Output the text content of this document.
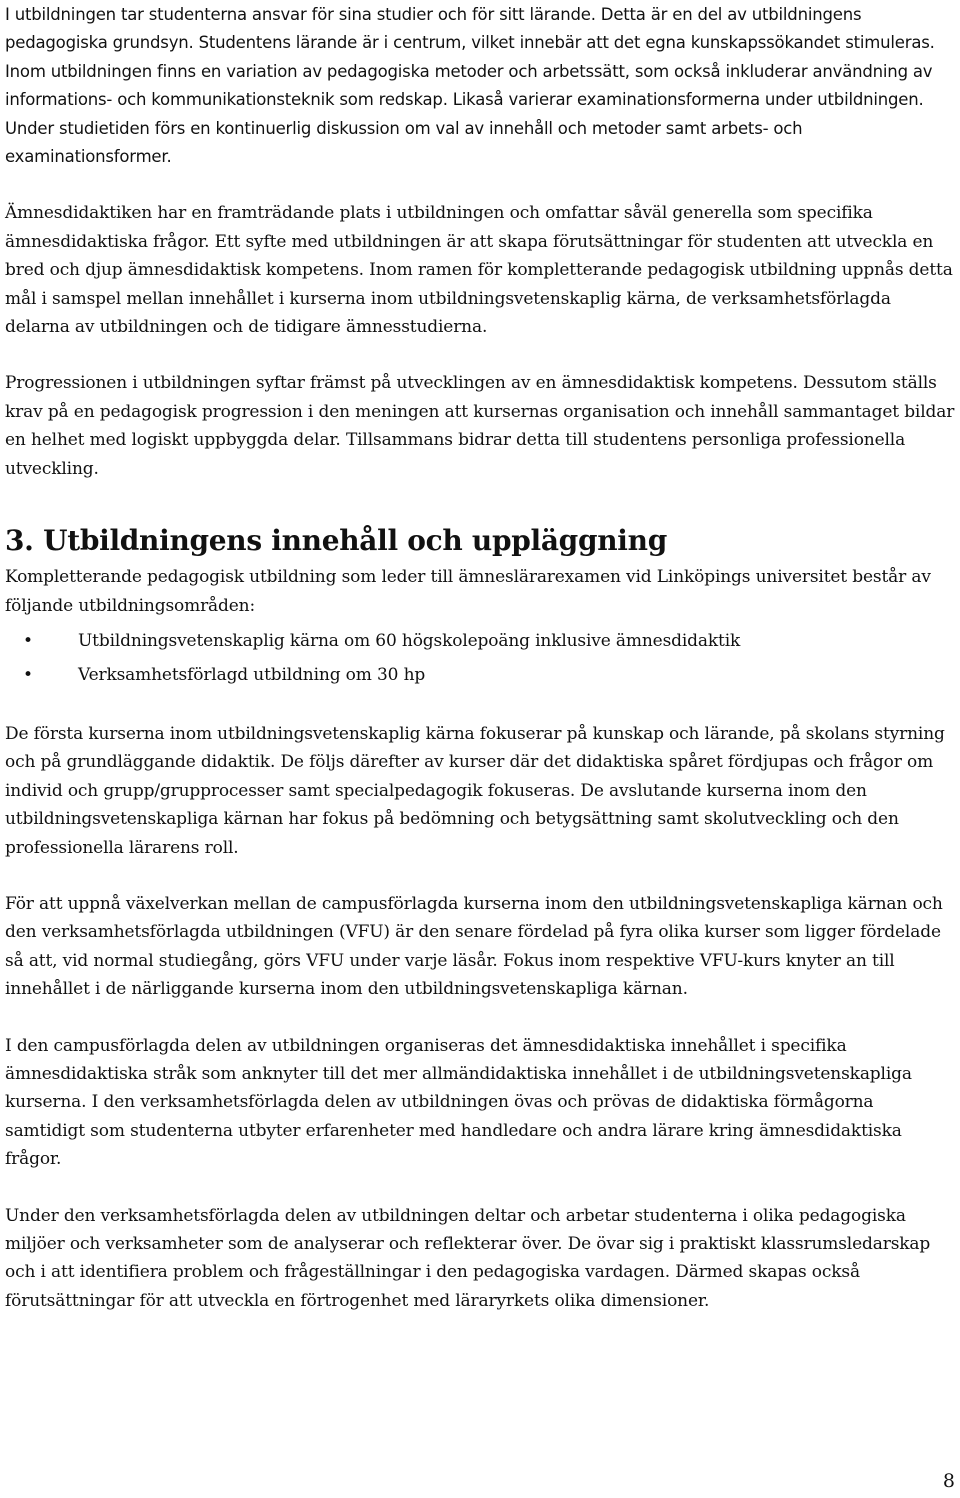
I utbildningen tar studenterna ansvar för sina studier och för sitt lärande. Detta är en del av utbildningens pedagogiska grundsyn. Studentens lärande är i centrum, vilket innebär att det egna kunskapssökandet stimuleras. Inom utbildningen finns en variation av pedagogiska metoder och arbetssätt, som också inkluderar användning av informations- och kommunikationsteknik som redskap. Likaså varierar examinationsformerna under utbildningen. Under studietiden förs en kontinuerlig diskussion om val av innehåll och metoder samt arbets- och examinationsformer.

Ämnesdidaktiken har en framträdande plats i utbildningen och omfattar såväl generella som specifika ämnesdidaktiska frågor. Ett syfte med utbildningen är att skapa förutsättningar för studenten att utveckla en bred och djup ämnesdidaktisk kompetens. Inom ramen för kompletterande pedagogisk utbildning uppnås detta mål i samspel mellan innehållet i kurserna inom utbildningsvetenskaplig kärna, de verksamhetsförlagda delarna av utbildningen och de tidigare ämnesstudierna.

Progressionen i utbildningen syftar främst på utvecklingen av en ämnesdidaktisk kompetens. Dessutom ställs krav på en pedagogisk progression i den meningen att kursernas organisation och innehåll sammantaget bildar en helhet med logiskt uppbyggda delar. Tillsammans bidrar detta till studentens personliga professionella utveckling.

3. Utbildningens innehåll och uppläggning

Kompletterande pedagogisk utbildning som leder till ämneslärarexamen vid Linköpings universitet består av följande utbildningsområden:

•	Utbildningsvetenskaplig kärna om 60 högskolepoäng inklusive ämnesdidaktik
•	Verksamhetsförlagd utbildning om 30 hp

De första kurserna inom utbildningsvetenskaplig kärna fokuserar på kunskap och lärande, på skolans styrning och på grundläggande didaktik. De följs därefter av kurser där det didaktiska spåret fördjupas och frågor om individ och grupp/grupprocesser samt specialpedagogik fokuseras. De avslutande kurserna inom den utbildningsvetenskapliga kärnan har fokus på bedömning och betygsättning samt skolutveckling och den professionella lärarens roll.

För att uppnå växelverkan mellan de campusförlagda kurserna inom den utbildningsvetenskapliga kärnan och den verksamhetsförlagda utbildningen (VFU) är den senare fördelad på fyra olika kurser som ligger fördelade så att, vid normal studiegång, görs VFU under varje läsår. Fokus inom respektive VFU-kurs knyter an till innehållet i de närliggande kurserna inom den utbildningsvetenskapliga kärnan.

I den campusförlagda delen av utbildningen organiseras det ämnesdidaktiska innehållet i specifika ämnesdidaktiska stråk som anknyter till det mer allmändidaktiska innehållet i de utbildningsvetenskapliga kurserna. I den verksamhetsförlagda delen av utbildningen övas och prövas de didaktiska förmågorna samtidigt som studenterna utbyter erfarenheter med handledare och andra lärare kring ämnesdidaktiska frågor.

Under den verksamhetsförlagda delen av utbildningen deltar och arbetar studenterna i olika pedagogiska miljöer och verksamheter som de analyserar och reflekterar över. De övar sig i praktiskt klassrumsledarskap och i att identifiera problem och frågeställningar i den pedagogiska vardagen. Därmed skapas också förutsättningar för att utveckla en förtrogenhet med läraryrkets olika dimensioner.

8
